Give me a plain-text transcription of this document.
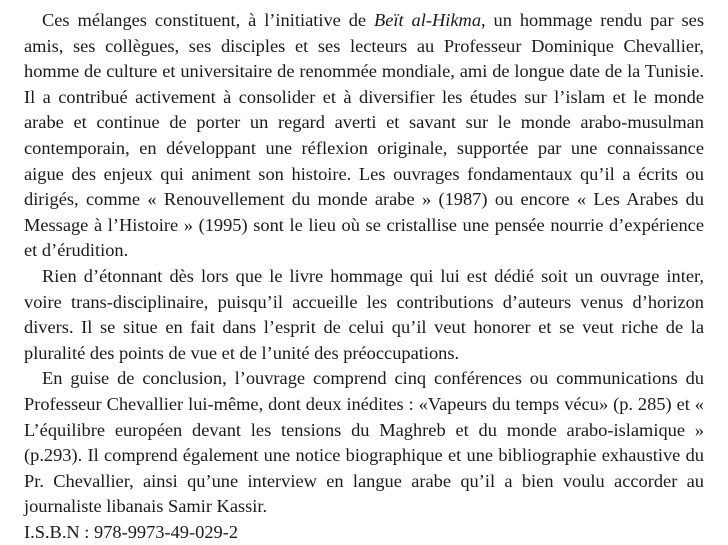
Ces mélanges constituent, à l’initiative de Beït al-Hikma, un hommage rendu par ses amis, ses collègues, ses disciples et ses lecteurs au Professeur Dominique Chevallier, homme de culture et universitaire de renommée mondiale, ami de longue date de la Tunisie. Il a contribué activement à consolider et à diversifier les études sur l’islam et le monde arabe et continue de porter un regard averti et savant sur le monde arabo-musulman contemporain, en développant une réflexion originale, supportée par une connaissance aigue des enjeux qui animent son histoire. Les ouvrages fondamentaux qu’il a écrits ou dirigés, comme « Renouvellement du monde arabe » (1987) ou encore « Les Arabes du Message à l’Histoire » (1995) sont le lieu où se cristallise une pensée nourrie d’expérience et d’érudition.

Rien d’étonnant dès lors que le livre hommage qui lui est dédié soit un ouvrage inter, voire trans-disciplinaire, puisqu’il accueille les contributions d’auteurs venus d’horizon divers. Il se situe en fait dans l’esprit de celui qu’il veut honorer et se veut riche de la pluralité des points de vue et de l’unité des préoccupations.

En guise de conclusion, l’ouvrage comprend cinq conférences ou communications du Professeur Chevallier lui-même, dont deux inédites : «Vapeurs du temps vécu» (p. 285) et « L’équilibre européen devant les tensions du Maghreb et du monde arabo-islamique » (p.293). Il comprend également une notice biographique et une bibliographie exhaustive du Pr. Chevallier, ainsi qu’une interview en langue arabe qu’il a bien voulu accorder au journaliste libanais Samir Kassir.

I.S.B.N : 978-9973-49-029-2
